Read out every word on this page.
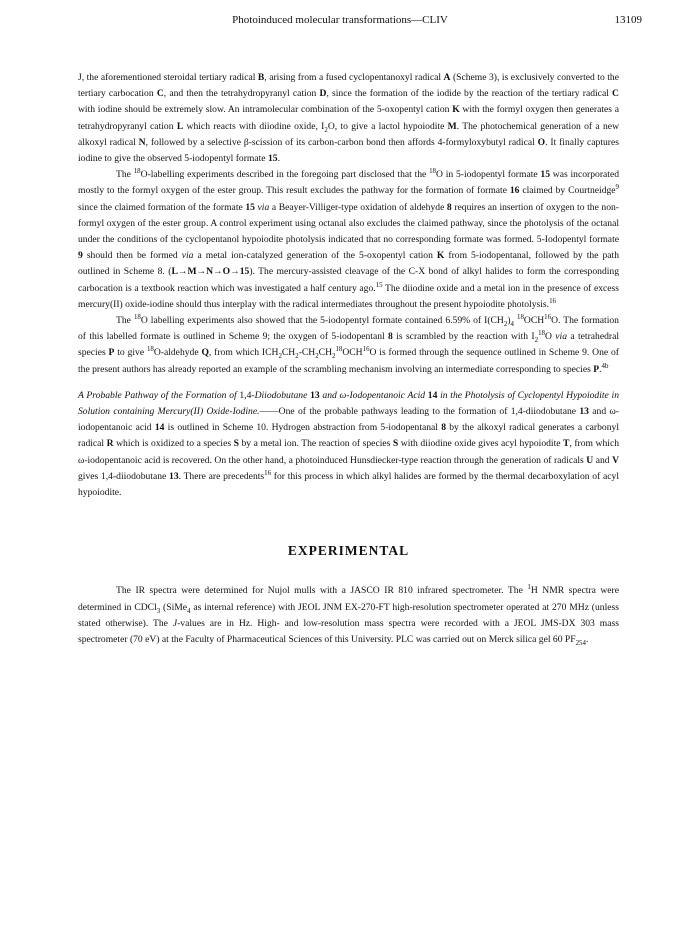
Photoinduced molecular transformations—CLIV	13109

J, the aforementioned steroidal tertiary radical B, arising from a fused cyclopentanoxyl radical A (Scheme 3), is exclusively converted to the tertiary carbocation C, and then the tetrahydropyranyl cation D, since the formation of the iodide by the reaction of the tertiary radical C with iodine should be extremely slow. An intramolecular combination of the 5-oxopentyl cation K with the formyl oxygen then generates a tetrahydropyranyl cation L which reacts with diiodine oxide, $I_2O$, to give a lactol hypoiodite M. The photochemical generation of a new alkoxyl radical N, followed by a selective β-scission of its carbon-carbon bond then affords 4-formyloxybutyl radical O. It finally captures iodine to give the observed 5-iodopentyl formate 15.

The $^{18}$O-labelling experiments described in the foregoing part disclosed that the $^{18}$O in 5-iodopentyl formate 15 was incorporated mostly to the formyl oxygen of the ester group. This result excludes the pathway for the formation of formate 16 claimed by Courtneidge$^9$ since the claimed formation of the formate 15 via a Beayer-Villiger-type oxidation of aldehyde 8 requires an insertion of oxygen to the non-formyl oxygen of the ester group. A control experiment using octanal also excludes the claimed pathway, since the photolysis of the octanal under the conditions of the cyclopentanol hypoiodite photolysis indicated that no corresponding formate was formed. 5-Iodopentyl formate 9 should then be formed via a metal ion-catalyzed generation of the 5-oxopentyl cation K from 5-iodopentanal, followed by the path outlined in Scheme 8. (L→M→N→O→15). The mercury-assisted cleavage of the C-X bond of alkyl halides to form the corresponding carbocation is a textbook reaction which was investigated a half century ago.$^{15}$ The diiodine oxide and a metal ion in the presence of excess mercury(II) oxide-iodine should thus interplay with the radical intermediates throughout the present hypoiodite photolysis.$^{16}$

The $^{18}$O labelling experiments also showed that the 5-iodopentyl formate contained 6.59% of $I(CH_2)_4$ $^{18}$OCH$^{16}$O. The formation of this labelled formate is outlined in Scheme 9; the oxygen of 5-iodopentanl 8 is scrambled by the reaction with $I_2^{18}O$ via a tetrahedral species P to give $^{18}$O-aldehyde Q, from which $ICH_2CH_2-CH_2CH_2^{18}OCH^{16}O$ is formed through the sequence outlined in Scheme 9. One of the present authors has already reported an example of the scrambling mechanism involving an intermediate corresponding to species P.$^{4b}$

A Probable Pathway of the Formation of 1,4-Diiodobutane 13 and ω-Iodopentanoic Acid 14 in the Photolysis of Cyclopentyl Hypoiodite in Solution containing Mercury(II) Oxide-Iodine.——One of the probable pathways leading to the formation of 1,4-diiodobutane 13 and ω-iodopentanoic acid 14 is outlined in Scheme 10. Hydrogen abstraction from 5-iodopentanal 8 by the alkoxyl radical generates a carbonyl radical R which is oxidized to a species S by a metal ion. The reaction of species S with diiodine oxide gives acyl hypoiodite T, from which ω-iodopentanoic acid is recovered. On the other hand, a photoinduced Hunsdiecker-type reaction through the generation of radicals U and V gives 1,4-diiodobutane 13. There are precedents$^{16}$ for this process in which alkyl halides are formed by the thermal decarboxylation of acyl hypoiodite.

EXPERIMENTAL

The IR spectra were determined for Nujol mulls with a JASCO IR 810 infrared spectrometer. The $^1$H NMR spectra were determined in CDCl$_3$ (SiMe$_4$ as internal reference) with JEOL JNM EX-270-FT high-resolution spectrometer operated at 270 MHz (unless stated otherwise). The J-values are in Hz. High- and low-resolution mass spectra were recorded with a JEOL JMS-DX 303 mass spectrometer (70 eV) at the Faculty of Pharmaceutical Sciences of this University. PLC was carried out on Merck silica gel 60 $PF_{254}$.
